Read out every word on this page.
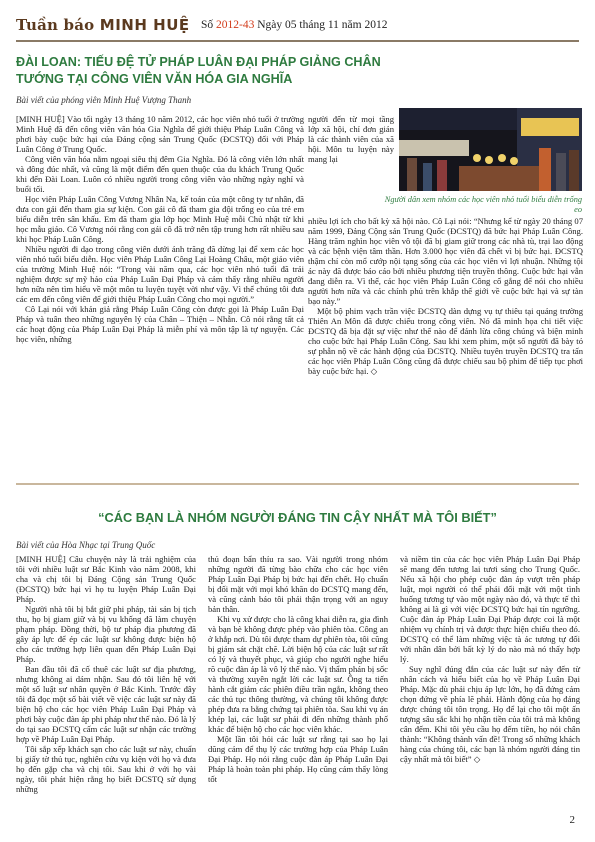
Tuần báo MINH HUỆ Số 2012-43 Ngày 05 tháng 11 năm 2012
ĐÀI LOAN: TIẾU ĐỆ TỬ PHÁP LUÂN ĐẠI PHÁP GIẢNG CHÂN TƯỚNG TẠI CÔNG VIÊN VĂN HÓA GIA NGHĨA
Bài viết của phóng viên Minh Huệ Vượng Thanh

[MINH HUỆ] Vào tối ngày 13 tháng 10 năm 2012, các học viên nhỏ tuổi ở trường Minh Huệ đã đến công viên văn hóa Gia Nghĩa để giới thiệu Pháp Luân Công và phơi bày cuộc bức hại của Đảng cộng sản Trung Quốc (ĐCSTQ) đối với Pháp Luân Công ở Trung Quốc.

Công viên văn hóa nằm ngoại siêu thị đêm Gia Nghĩa. Đó là công viên lớn nhất và đông đúc nhất, và cũng là một điểm đến quen thuộc của du khách Trung Quốc khi đến Đài Loan. Luôn có nhiều người trong công viên vào những ngày nghỉ và buổi tối.

Học viên Pháp Luân Công Vương Nhân Na, kế toán của một công ty tư nhân, đã đưa con gái đến tham gia sự kiện. Con gái cô đã tham gia đội trống eo của trẻ em biểu diễn trên sân khấu. Em đã tham gia lớp học Minh Huệ mỗi Chủ nhật từ khi học mẫu giáo. Cô Vương nói rằng con gái cô đã trở nên tập trung hơn rất nhiều sau khi học Pháp Luân Công.

Nhiều người đi dạo trong công viên dưới ánh trăng đã dừng lại để xem các học viên nhỏ tuổi biểu diễn. Học viên Pháp Luân Công Lại Hoàng Châu, một giáo viên của trường Minh Huệ nói: “Trong vài năm qua, các học viên nhỏ tuổi đã trải nghiệm được sự mỹ hảo của Pháp Luân Đại Pháp và cảm thấy rằng nhiều người hơn nữa nên tìm hiểu về một môn tu luyện tuyệt vời như vậy. Vì thế chúng tôi đưa các em đến công viên để giới thiệu Pháp Luân Công cho mọi người.”

Cô Lại nói với khán giả rằng Pháp Luân Công còn được gọi là Pháp Luân Đại Pháp và tuân theo những nguyên lý của Chân – Thiện – Nhẫn. Cô nói rằng tất cả các hoạt động của Pháp Luân Đại Pháp là miễn phí và môn tập là tự nguyện. Các học viên, những

người đến từ mọi tầng lớp xã hội, chỉ đơn giản là các thành viên của xã hội. Môn tu luyện này mang lại

Người dân xem nhóm các học viên nhỏ tuổi biểu diễn trống eo

nhiều lợi ích cho bất kỳ xã hội nào. Cô Lại nói: “Nhưng kể từ ngày 20 tháng 07 năm 1999, Đảng Cộng sản Trung Quốc (ĐCSTQ) đã bức hại Pháp Luân Công. Hàng trăm nghìn học viên vô tội đã bị giam giữ trong các nhà tù, trại lao động và các bệnh viện tâm thần. Hơn 3.000 học viên đã chết vì bị bức hại. ĐCSTQ thậm chí còn mổ cướp nội tạng sống của các học viên vì lợi nhuận. Những tội ác này đã được báo cáo bởi nhiều phương tiện truyền thông. Cuộc bức hại vẫn đang diễn ra. Vì thế, các học viên Pháp Luân Công cố gắng để nói cho nhiều người hơn nữa và các chính phủ trên khắp thế giới về cuộc bức hại và sự tàn bạo này.”

Một bộ phim vạch trần việc ĐCSTQ dàn dựng vụ tự thiêu tại quảng trường Thiên An Môn đã được chiếu trong công viên. Nó đã minh họa chi tiết việc ĐCSTQ đã bịa đặt sự việc như thế nào để đánh lừa công chúng và biện minh cho cuộc bức hại Pháp Luân Công. Sau khi xem phim, một số người đã bày tỏ sự phẫn nộ về các hành động của ĐCSTQ. Nhiều tuyên truyền ĐCSTQ tra tấn các học viên Pháp Luân Công cũng đã được chiếu sau bộ phim để tiếp tục phơi bày cuộc bức hại. ◇

“CÁC BẠN LÀ NHÓM NGƯỜI ĐÁNG TIN CẬY NHẤT MÀ TÔI BIẾT”
Bài viết của Hòa Nhạc tại Trung Quốc

[MINH HUỆ] Câu chuyện này là trải nghiệm của tôi với nhiều luật sư Bắc Kinh vào năm 2008, khi cha và chị tôi bị Đảng Cộng sản Trung Quốc (ĐCSTQ) bức hại vì họ tu luyện Pháp Luân Đại Pháp.

Người nhà tôi bị bắt giữ phi pháp, tài sản bị tịch thu, họ bị giam giữ và bị vu khống đã làm chuyện phạm pháp. Đồng thời, bộ tư pháp địa phương đã gây áp lực để ép các luật sư không được biện hộ cho các trường hợp liên quan đến Pháp Luân Đại Pháp.

Ban đầu tôi đã cố thuê các luật sư địa phương, nhưng không ai dám nhận. Sau đó tôi liên hệ với một số luật sư nhân quyền ở Bắc Kinh. Trước đây tôi đã đọc một số bài viết về việc các luật sư này đã biện hộ cho các học viên Pháp Luân Đại Pháp và phơi bày cuộc đàn áp phi pháp như thế nào. Đó là lý do tại sao ĐCSTQ cấm các luật sư nhận các trường hợp về Pháp Luân Đại Pháp.

Tôi sắp xếp khách sạn cho các luật sư này, chuẩn bị giấy tờ thủ tục, nghiên cứu vụ kiện với họ và đưa họ đến gặp cha và chị tôi. Sau khi ở với họ vài ngày, tôi phát hiện rằng họ biết ĐCSTQ sử dụng những

thủ đoạn bẩn thỉu ra sao. Vài người trong nhóm những người đã từng bào chữa cho các học viên Pháp Luân Đại Pháp bị bức hại đến chết. Họ chuẩn bị đối mặt với mọi khó khăn do ĐCSTQ mang đến, và cũng cảnh báo tôi phải thận trọng với an nguy bản thân.

Khi vụ xử được cho là công khai diễn ra, gia đình và bạn bè không được phép vào phiên tòa. Công an ở khắp nơi. Dù tôi được tham dự phiên tòa, tôi cũng bị giám sát chặt chẽ. Lời biện hộ của các luật sư rất có lý và thuyết phục, và giúp cho người nghe hiểu rõ cuộc đàn áp là vô lý thế nào. Vị thẩm phán bị sốc và thường xuyên ngắt lời các luật sư. Ông ta tiến hành cắt giảm các phiên điều trần ngắn, không theo các thủ tục thông thường, và chúng tôi không được phép đưa ra bằng chứng tại phiên tòa. Sau khi vụ án khép lại, các luật sư phải đi đến những thành phố khác để biện hộ cho các học viên khác.

Một lần tôi hỏi các luật sư rằng tại sao họ lại dũng cảm để thụ lý các trường hợp của Pháp Luân Đại Pháp. Họ nói rằng cuộc đàn áp Pháp Luân Đại Pháp là hoàn toàn phi pháp. Họ cũng cảm thấy lòng tốt

và niềm tin của các học viên Pháp Luân Đại Pháp sẽ mang đến tương lai tươi sáng cho Trung Quốc. Nếu xã hội cho phép cuộc đàn áp vượt trên pháp luật, mọi người có thể phải đối mặt với một tình huống tương tự vào một ngày nào đó, và thực tế thì không ai là gì với việc ĐCSTQ bức hại tín ngưỡng. Cuộc đàn áp Pháp Luân Đại Pháp được coi là một nhiệm vụ chính trị và được thực hiện chiếu theo đó. ĐCSTQ có thể làm những việc tà ác tương tự đối với nhân dân bởi bất kỳ lý do nào mà nó thấy hợp lý.

Suy nghĩ đúng đắn của các luật sư này đến từ nhân cách và hiểu biết của họ về Pháp Luân Đại Pháp. Mặc dù phải chịu áp lực lớn, họ đã đứng cảm chọn đứng về phía lẽ phải. Hành động của họ đáng được chúng tôi tôn trọng. Họ để lại cho tôi một ấn tượng sâu sắc khi họ nhận tiền của tôi trả mà không cân đếm. Khi tôi yêu cầu họ đếm tiền, họ nói chân thành: “Không thành vấn đề! Trong số những khách hàng của chúng tôi, các bạn là nhóm người đáng tin cậy nhất mà tôi biết” ◇

2
